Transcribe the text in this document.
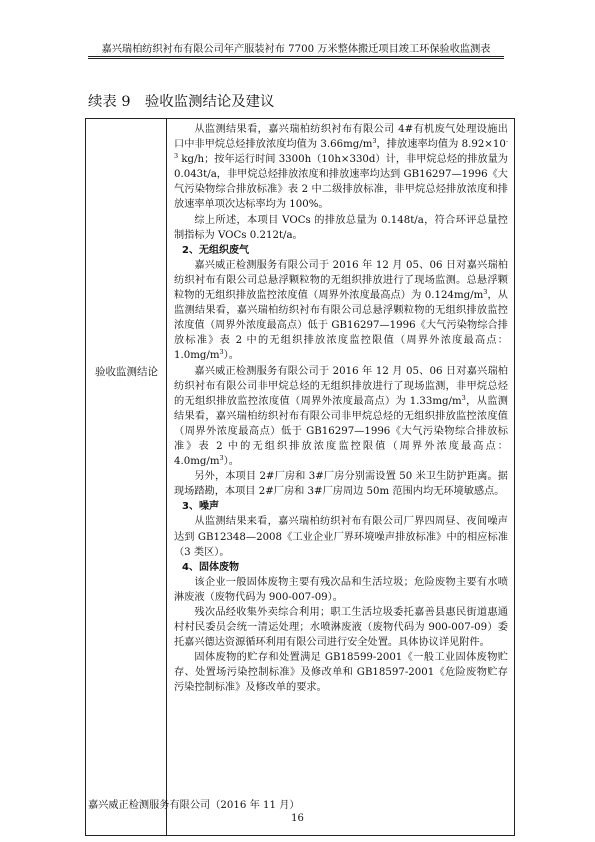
嘉兴瑞柏纺织衬布有限公司年产服装衬布 7700 万米整体搬迁项目竣工环保验收监测表
续表 9　验收监测结论及建议
验收监测结论

从监测结果看，嘉兴瑞柏纺织衬布有限公司 4#有机废气处理设施出口中非甲烷总烃排放浓度均值为 $3.66mg/m^3$，排放速率均值为 $8.92\times 10^{-3}$ kg/h；按年运行时间 3300h（10h×330d）计，非甲烷总烃的排放量为 0.043t/a，非甲烷总烃排放浓度和排放速率均达到 GB16297—1996《大气污染物综合排放标准》表 2 中二级排放标准，非甲烷总烃排放浓度和排放速率单项次达标率均为 100%。

综上所述，本项目 VOCs 的排放总量为 0.148t/a，符合环评总量控制指标为 VOCs 0.212t/a。

2、无组织废气

嘉兴威正检测服务有限公司于 2016 年 12 月 05、06 日对嘉兴瑞柏纺织衬布有限公司总悬浮颗粒物的无组织排放进行了现场监测。总悬浮颗粒物的无组织排放监控浓度值（周界外浓度最高点）为 $0.124mg/m^3$，从监测结果看，嘉兴瑞柏纺织衬布有限公司总悬浮颗粒物的无组织排放监控浓度值（周界外浓度最高点）低于 GB16297—1996《大气污染物综合排放标准》表 2 中的无组织排放浓度监控限值（周界外浓度最高点：$1.0mg/m^3$）。

嘉兴威正检测服务有限公司于 2016 年 12 月 05、06 日对嘉兴瑞柏纺织衬布有限公司非甲烷总烃的无组织排放进行了现场监测，非甲烷总烃的无组织排放监控浓度值（周界外浓度最高点）为 $1.33mg/m^3$，从监测结果看，嘉兴瑞柏纺织衬布有限公司非甲烷总烃的无组织排放监控浓度值（周界外浓度最高点）低于 GB16297—1996《大气污染物综合排放标准》表 2 中的无组织排放浓度监控限值（周界外浓度最高点：$4.0mg/m^3$）。

另外，本项目 2#厂房和 3#厂房分别需设置 50 米卫生防护距离。据现场踏勘，本项目 2#厂房和 3#厂房周边 50m 范围内均无环境敏感点。

3、噪声

从监测结果来看，嘉兴瑞柏纺织衬布有限公司厂界四周昼、夜间噪声达到 GB12348—2008《工业企业厂界环境噪声排放标准》中的相应标准（3 类区）。

4、固体废物

该企业一般固体废物主要有残次品和生活垃圾；危险废物主要有水喷淋废液（废物代码为 900-007-09）。

残次品经收集外卖综合利用；职工生活垃圾委托嘉善县惠民街道惠通村村民委员会统一清运处理；水喷淋废液（废物代码为 900-007-09）委托嘉兴德达资源循环利用有限公司进行安全处置。具体协议详见附件。

固体废物的贮存和处置满足 GB18599-2001《一般工业固体废物贮存、处置场污染控制标准》及修改单和 GB18597-2001《危险废物贮存污染控制标准》及修改单的要求。

嘉兴威正检测服务有限公司（2016 年 11 月）
16
